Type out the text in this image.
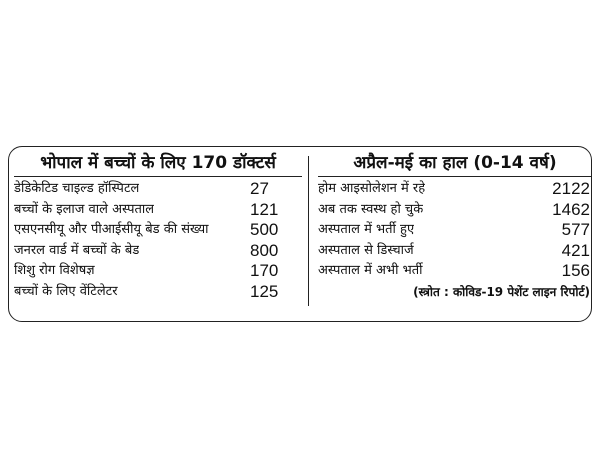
भोपाल में बच्चों के लिए 170 डॉक्टर्स
डेडिकेटिड चाइल्ड हॉस्पिटल	27
बच्चों के इलाज वाले अस्पताल	121
एसएनसीयू और पीआईसीयू बेड की संख्या 500
जनरल वार्ड में बच्चों के बेड	800
शिशु रोग विशेषज्ञ	170
बच्चों के लिए वेंटिलेटर	125
अप्रैल-मई का हाल (0-14 वर्ष)
होम आइसोलेशन में रहे	2122
अब तक स्वस्थ हो चुके	1462
अस्पताल में भर्ती हुए	577
अस्पताल से डिस्चार्ज	421
अस्पताल में अभी भर्ती	156
(स्त्रोत : कोविड-19 पेशेंट लाइन रिपोर्ट)
